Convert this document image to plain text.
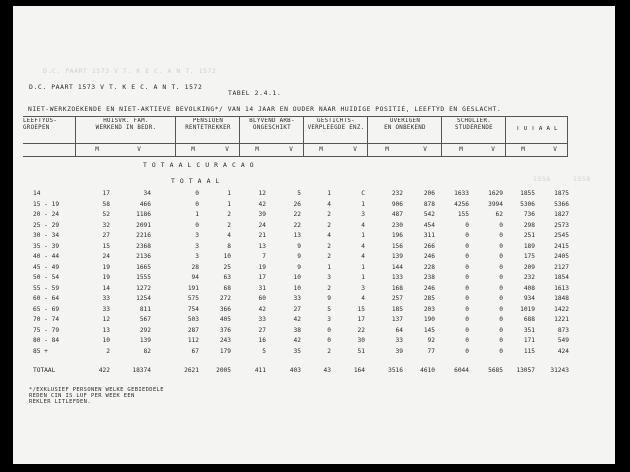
D.C. PAART 1573 V T. K E C. A N T. 1572
1556	1558
D.C. PAART 1573 V T. K E C. A N T. 1572
TABEL 2.4.1.
NIET-WERKZOEKENDE EN NIET-AKTIEVE BEVOLKING*/ VAN 14 JAAR EN OUDER NAAR HUIDIGE POSITIE, LEEFTYD EN GESLACHT.
LEEFTYDS-
GROEPEN
HUISVR. FAM.
WERKEND IN BEDR.
PENSIOEN
RENTETREKKER
BLYVEND ARB-
ONGESCHIKT
GESTICHTS-
VERPLEEGDE ENZ.
OVERIGEN
EN ONBEKEND
SCHOLIER.
STUDERENDE	T O T A A L
M	V	M	V	M	V	M	V	M	V	M	V	M	V
T O T A A L C U R A C A O
T O T A A L
14	17	34	0	1	12	5	1	C	232	206	1633	1629	1855	1875
15 - 19	58	466	0	1	42	26	4	1	906	878	4256	3994	5306	5366
20 - 24	52	1186	1	2	39	22	2	3	487	542	155	62	736	1827
25 - 29	32	2091	0	2	24	22	2	4	230	454	0	0	298	2573
30 - 34	27	2216	3	4	21	13	4	1	196	311	0	0	251	2545
35 - 39	15	2368	3	8	13	9	2	4	156	266	0	0	189	2415
40 - 44	24	2136	3	10	7	9	2	4	139	246	0	0	175	2405
45 - 49	19	1665	28	25	19	9	1	1	144	228	0	0	209	2127
50 - 54	19	1555	94	63	17	10	3	1	133	238	0	0	232	1854
55 - 59	14	1272	191	68	31	10	2	3	168	246	0	0	408	1613
60 - 64	33	1254	575	272	60	33	9	4	257	285	0	0	934	1848
65 - 69	33	811	754	366	42	27	5	15	185	203	0	0	1019	1422
70 - 74	12	567	503	405	33	42	3	17	137	190	0	0	688	1221
75 - 79	13	292	287	376	27	38	0	22	64	145	0	0	351	873
80 - 84	10	139	112	243	16	42	0	30	33	92	0	0	171	549
85 +	2	82	67	179	5	35	2	51	39	77	0	0	115	424
TOTAAL	422	18374	2621	2005	411	403	43	164	3516	4610	6044	5685	13057	31243
*/EXKLUSIEF PERSONEN WELKE GEBIEDDELE
REDEN CIN IS LUF PER WEEK EEN
REKLER LITLEFDEN.
